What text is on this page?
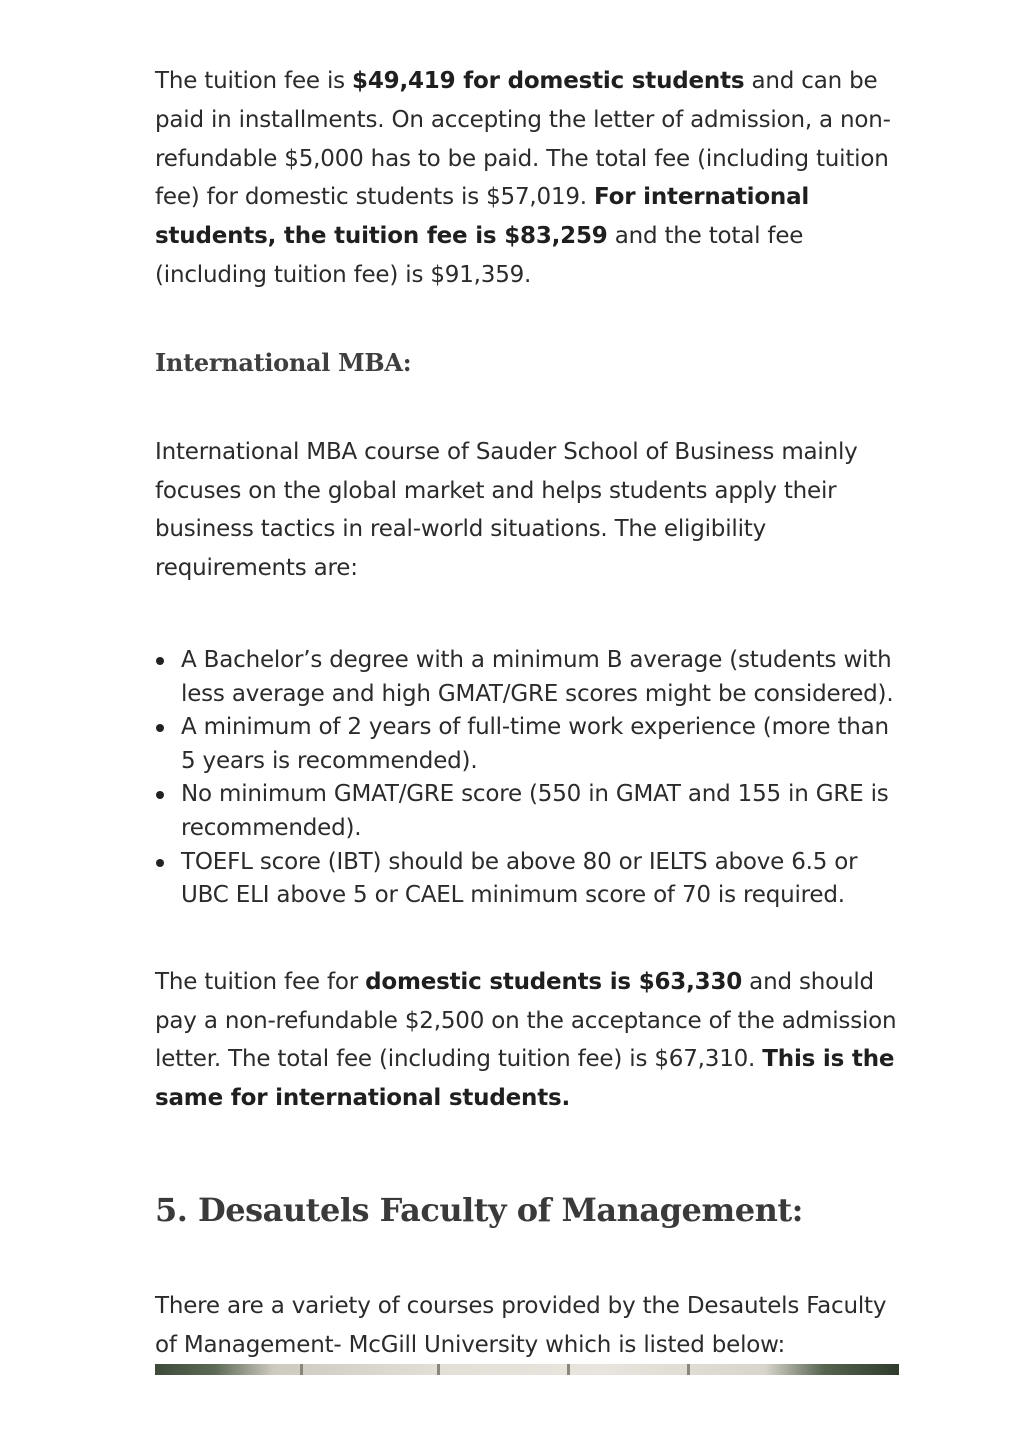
The tuition fee is $49,419 for domestic students and can be paid in installments. On accepting the letter of admission, a non-refundable $5,000 has to be paid. The total fee (including tuition fee) for domestic students is $57,019. For international students, the tuition fee is $83,259 and the total fee (including tuition fee) is $91,359.

International MBA:

International MBA course of Sauder School of Business mainly focuses on the global market and helps students apply their business tactics in real-world situations. The eligibility requirements are:

A Bachelor’s degree with a minimum B average (students with less average and high GMAT/GRE scores might be considered).
A minimum of 2 years of full-time work experience (more than 5 years is recommended).
No minimum GMAT/GRE score (550 in GMAT and 155 in GRE is recommended).
TOEFL score (IBT) should be above 80 or IELTS above 6.5 or UBC ELI above 5 or CAEL minimum score of 70 is required.

The tuition fee for domestic students is $63,330 and should pay a non-refundable $2,500 on the acceptance of the admission letter. The total fee (including tuition fee) is $67,310. This is the same for international students.

5. Desautels Faculty of Management:

There are a variety of courses provided by the Desautels Faculty of Management- McGill University which is listed below:
